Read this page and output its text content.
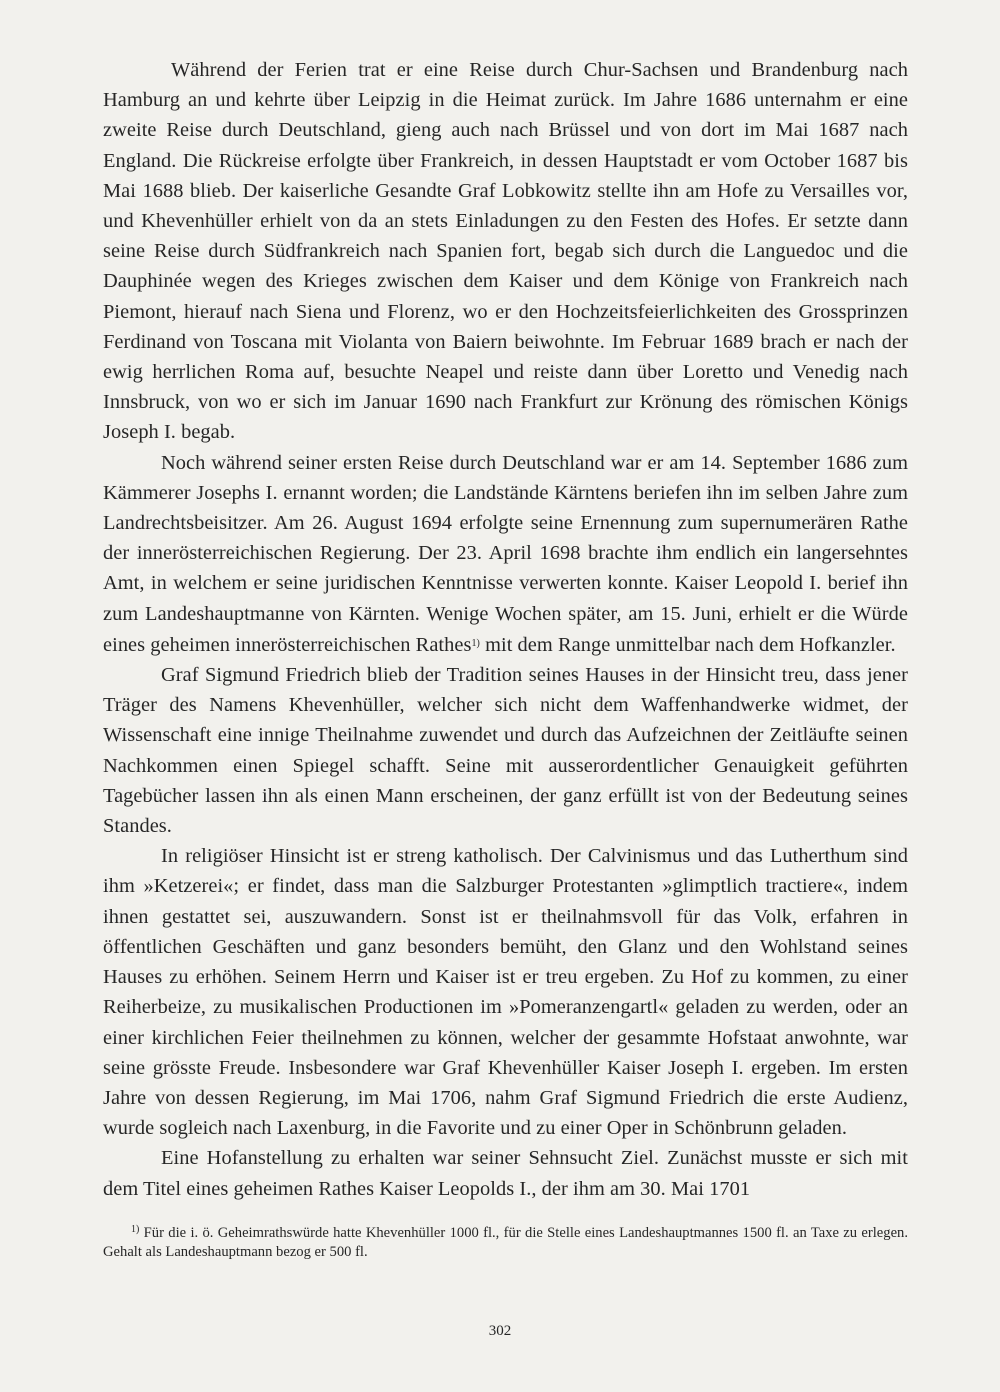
Während der Ferien trat er eine Reise durch Chur-Sachsen und Brandenburg nach Hamburg an und kehrte über Leipzig in die Heimat zurück. Im Jahre 1686 unternahm er eine zweite Reise durch Deutschland, gieng auch nach Brüssel und von dort im Mai 1687 nach England. Die Rückreise erfolgte über Frankreich, in dessen Hauptstadt er vom October 1687 bis Mai 1688 blieb. Der kaiserliche Gesandte Graf Lobkowitz stellte ihn am Hofe zu Versailles vor, und Khevenhüller erhielt von da an stets Einladungen zu den Festen des Hofes. Er setzte dann seine Reise durch Südfrankreich nach Spanien fort, begab sich durch die Languedoc und die Dauphinée wegen des Krieges zwischen dem Kaiser und dem Könige von Frankreich nach Piemont, hierauf nach Siena und Florenz, wo er den Hochzeitsfeierlichkeiten des Grossprinzen Ferdinand von Toscana mit Violanta von Baiern beiwohnte. Im Februar 1689 brach er nach der ewig herrlichen Roma auf, besuchte Neapel und reiste dann über Loretto und Venedig nach Innsbruck, von wo er sich im Januar 1690 nach Frankfurt zur Krönung des römischen Königs Joseph I. begab.

Noch während seiner ersten Reise durch Deutschland war er am 14. September 1686 zum Kämmerer Josephs I. ernannt worden; die Landstände Kärntens beriefen ihn im selben Jahre zum Landrechtsbeisitzer. Am 26. August 1694 erfolgte seine Ernennung zum supernumerären Rathe der innerösterreichischen Regierung. Der 23. April 1698 brachte ihm endlich ein langersehntes Amt, in welchem er seine juridischen Kenntnisse verwerten konnte. Kaiser Leopold I. berief ihn zum Landeshauptmanne von Kärnten. Wenige Wochen später, am 15. Juni, erhielt er die Würde eines geheimen innerösterreichischen Rathes$^{1)}$ mit dem Range unmittelbar nach dem Hofkanzler.

Graf Sigmund Friedrich blieb der Tradition seines Hauses in der Hinsicht treu, dass jener Träger des Namens Khevenhüller, welcher sich nicht dem Waffenhandwerke widmet, der Wissenschaft eine innige Theilnahme zuwendet und durch das Aufzeichnen der Zeitläufte seinen Nachkommen einen Spiegel schafft. Seine mit ausserordentlicher Genauigkeit geführten Tagebücher lassen ihn als einen Mann erscheinen, der ganz erfüllt ist von der Bedeutung seines Standes.

In religiöser Hinsicht ist er streng katholisch. Der Calvinismus und das Lutherthum sind ihm »Ketzerei«; er findet, dass man die Salzburger Protestanten »glimptlich tractiere«, indem ihnen gestattet sei, auszuwandern. Sonst ist er theilnahmsvoll für das Volk, erfahren in öffentlichen Geschäften und ganz besonders bemüht, den Glanz und den Wohlstand seines Hauses zu erhöhen. Seinem Herrn und Kaiser ist er treu ergeben. Zu Hof zu kommen, zu einer Reiherbeize, zu musikalischen Productionen im »Pomeranzengartl« geladen zu werden, oder an einer kirchlichen Feier theilnehmen zu können, welcher der gesammte Hofstaat anwohnte, war seine grösste Freude. Insbesondere war Graf Khevenhüller Kaiser Joseph I. ergeben. Im ersten Jahre von dessen Regierung, im Mai 1706, nahm Graf Sigmund Friedrich die erste Audienz, wurde sogleich nach Laxenburg, in die Favorite und zu einer Oper in Schönbrunn geladen.

Eine Hofanstellung zu erhalten war seiner Sehnsucht Ziel. Zunächst musste er sich mit dem Titel eines geheimen Rathes Kaiser Leopolds I., der ihm am 30. Mai 1701

$^{1)}$ Für die i. ö. Geheimrathswürde hatte Khevenhüller 1000 fl., für die Stelle eines Landeshauptmannes 1500 fl. an Taxe zu erlegen. Gehalt als Landeshauptmann bezog er 500 fl.

302
